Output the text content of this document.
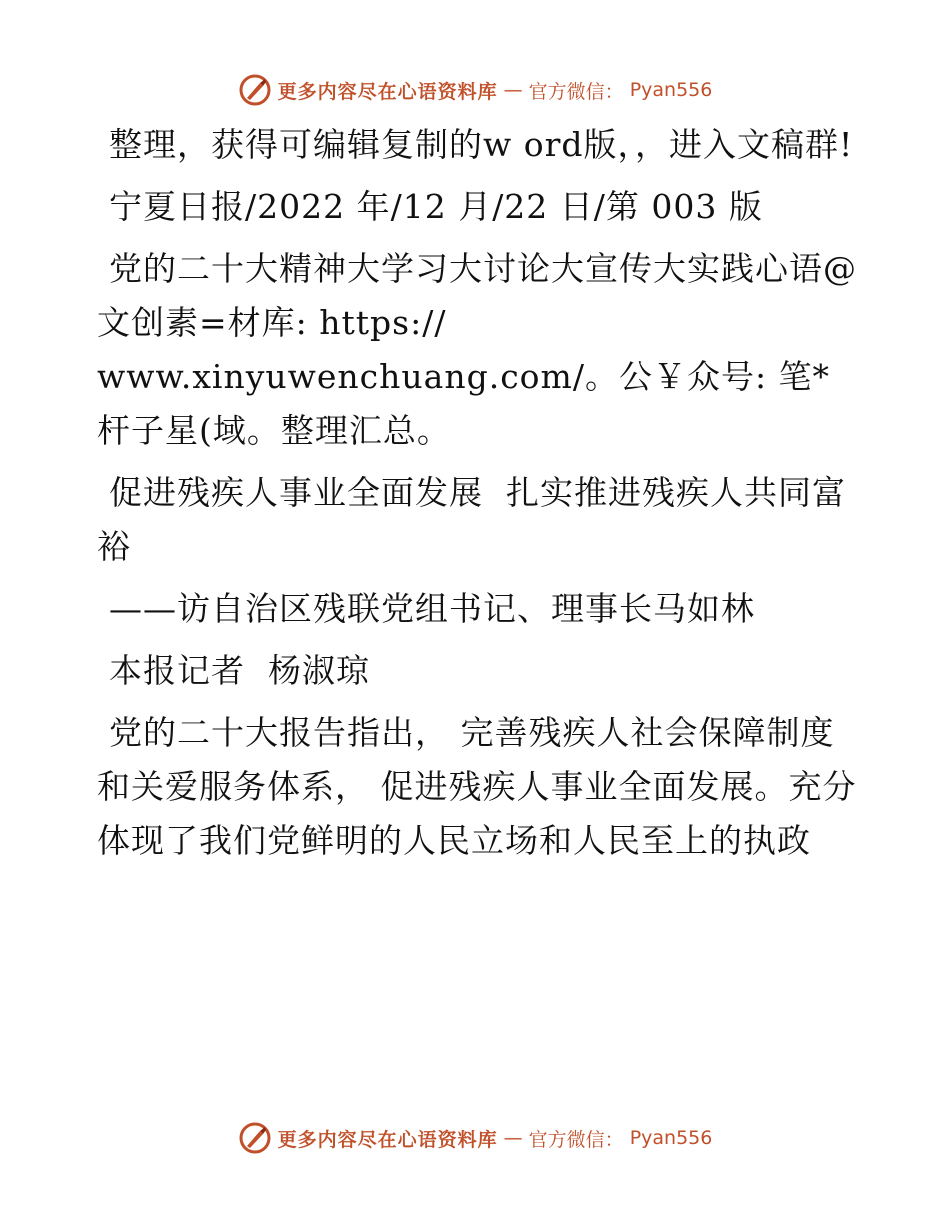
更多内容尽在心语资料库 — 官方微信： Pyan556

整理，获得可编辑复制的w ord版，，进入文稿群!

宁夏日报/2022 年/12 月/22 日/第 003 版

党的二十大精神大学习大讨论大宣传大实践心语@文创素=材库: https://

www.xinyuwenchuang.com/。公￥众号: 笔*杆子星(域。整理汇总。

促进残疾人事业全面发展  扎实推进残疾人共同富裕

——访自治区残联党组书记、理事长马如林

本报记者  杨淑琼

党的二十大报告指出， 完善残疾人社会保障制度和关爱服务体系， 促进残疾人事业全面发展。充分体现了我们党鲜明的人民立场和人民至上的执政

更多内容尽在心语资料库 — 官方微信： Pyan556
